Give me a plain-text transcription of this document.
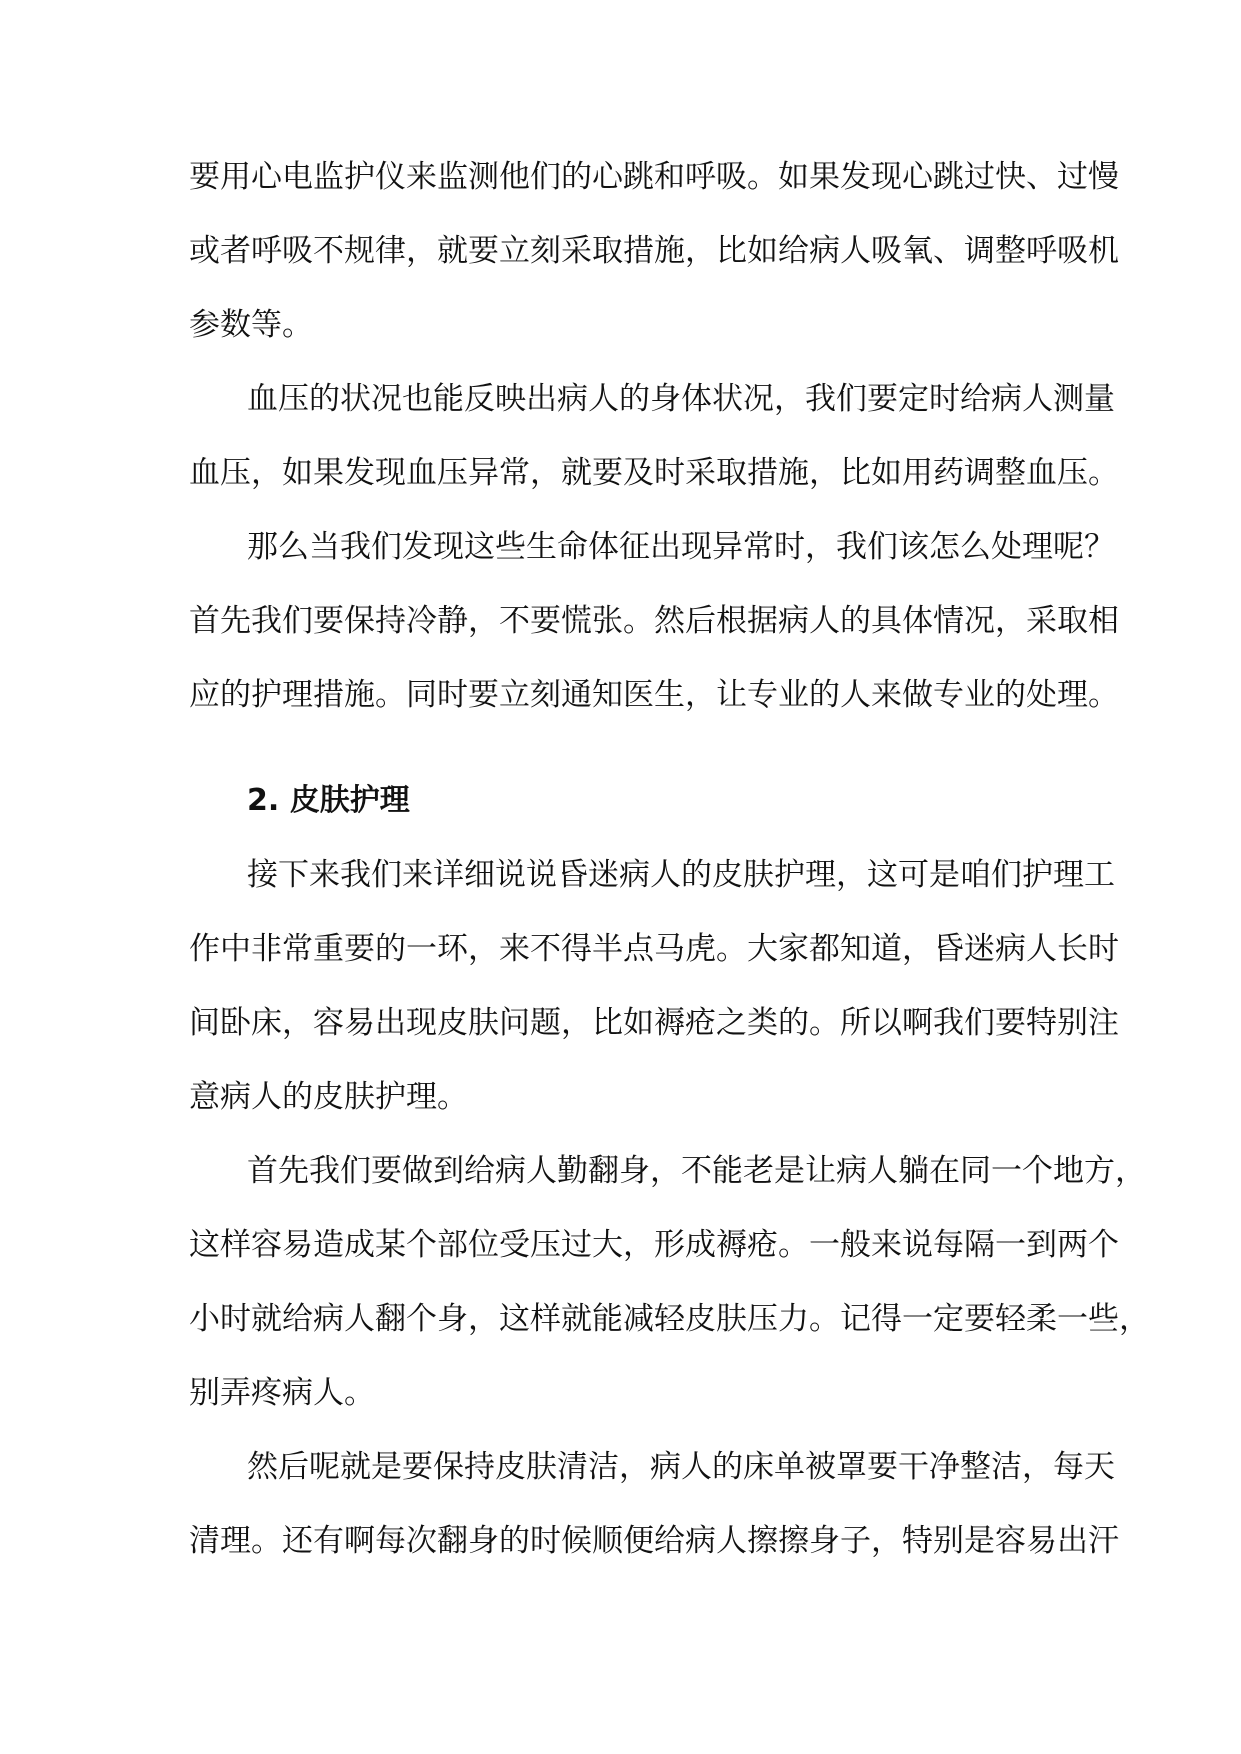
要用心电监护仪来监测他们的心跳和呼吸。如果发现心跳过快、过慢
或者呼吸不规律，就要立刻采取措施，比如给病人吸氧、调整呼吸机
参数等。
血压的状况也能反映出病人的身体状况，我们要定时给病人测量
血压，如果发现血压异常，就要及时采取措施，比如用药调整血压。
那么当我们发现这些生命体征出现异常时，我们该怎么处理呢？
首先我们要保持冷静，不要慌张。然后根据病人的具体情况，采取相
应的护理措施。同时要立刻通知医生，让专业的人来做专业的处理。
2. 皮肤护理
接下来我们来详细说说昏迷病人的皮肤护理，这可是咱们护理工
作中非常重要的一环，来不得半点马虎。大家都知道，昏迷病人长时
间卧床，容易出现皮肤问题，比如褥疮之类的。所以啊我们要特别注
意病人的皮肤护理。
首先我们要做到给病人勤翻身，不能老是让病人躺在同一个地方，
这样容易造成某个部位受压过大，形成褥疮。一般来说每隔一到两个
小时就给病人翻个身，这样就能减轻皮肤压力。记得一定要轻柔一些，
别弄疼病人。
然后呢就是要保持皮肤清洁，病人的床单被罩要干净整洁，每天
清理。还有啊每次翻身的时候顺便给病人擦擦身子，特别是容易出汗
